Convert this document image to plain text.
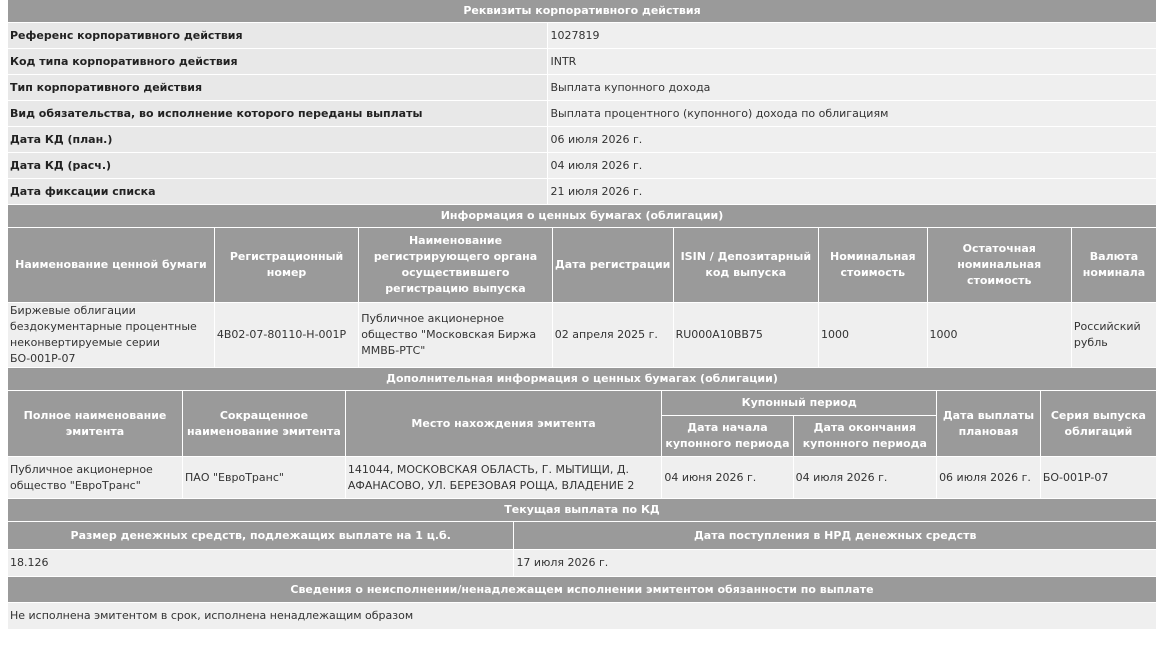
Реквизиты корпоративного действия	
Референс корпоративного действия	1027819
Код типа корпоративного действия	INTR
Тип корпоративного действия	Выплата купонного дохода
Вид обязательства, во исполнение которого переданы выплаты	Выплата процентного (купонного) дохода по облигациям
Дата КД (план.)	06 июля 2026 г.
Дата КД (расч.)	04 июля 2026 г.
Дата фиксации списка	21 июля 2026 г.
Информация о ценных бумагах (облигации)							
Наименование ценной бумаги	Регистрационный номер	Наименование регистрирующего органа осуществившего регистрацию выпуска	Дата регистрации	ISIN / Депозитарный код выпуска	Номинальная стоимость	Остаточная номинальная стоимость	Валюта номинала
Биржевые облигации бездокументарные процентные неконвертируемые серии БО-001P-07	4B02-07-80110-H-001P	Публичное акционерное общество "Московская Биржа ММВБ-РТС"	02 апреля 2025 г.	RU000A10BB75	1000	1000	Российский рубль
Дополнительная информация о ценных бумагах (облигации)						
Полное наименование эмитента	Сокращенное наименование эмитента	Место нахождения эмитента	Купонный период		Дата выплаты плановая	Серия выпуска облигаций
			Дата начала купонного периода	Дата окончания купонного периода		
Публичное акционерное общество "ЕвроТранс"	ПАО "ЕвроТранс"	141044, МОСКОВСКАЯ ОБЛАСТЬ, Г. МЫТИЩИ, Д. АФАНАСОВО, УЛ. БЕРЕЗОВАЯ РОЩА, ВЛАДЕНИЕ 2	04 июня 2026 г.	04 июля 2026 г.	06 июля 2026 г.	БО-001P-07
Текущая выплата по КД	
Размер денежных средств, подлежащих выплате на 1 ц.б.	Дата поступления в НРД денежных средств
18.126	17 июля 2026 г.
Сведения о неисполнении/ненадлежащем исполнении эмитентом обязанности по выплате
Не исполнена эмитентом в срок, исполнена ненадлежащим образом
